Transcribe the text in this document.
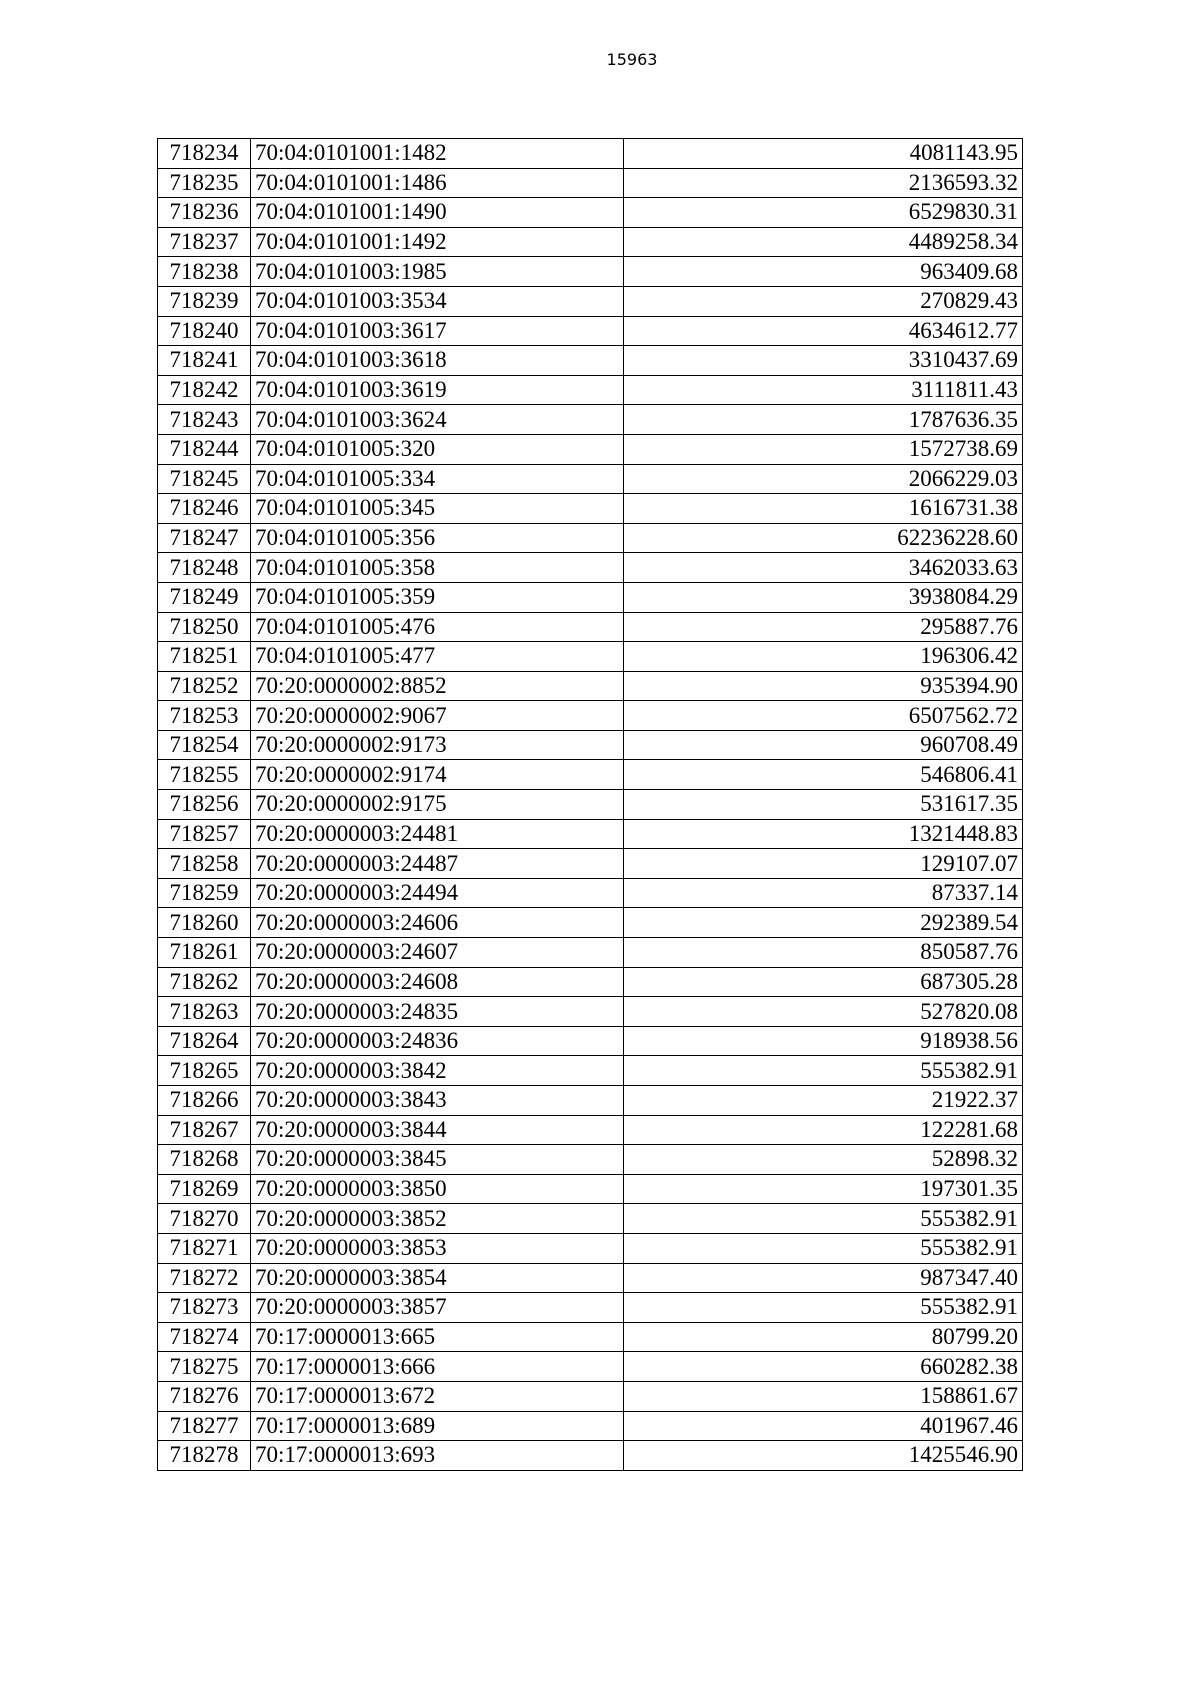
15963
718234	70:04:0101001:1482	4081143.95
718235	70:04:0101001:1486	2136593.32
718236	70:04:0101001:1490	6529830.31
718237	70:04:0101001:1492	4489258.34
718238	70:04:0101003:1985	963409.68
718239	70:04:0101003:3534	270829.43
718240	70:04:0101003:3617	4634612.77
718241	70:04:0101003:3618	3310437.69
718242	70:04:0101003:3619	3111811.43
718243	70:04:0101003:3624	1787636.35
718244	70:04:0101005:320	1572738.69
718245	70:04:0101005:334	2066229.03
718246	70:04:0101005:345	1616731.38
718247	70:04:0101005:356	62236228.60
718248	70:04:0101005:358	3462033.63
718249	70:04:0101005:359	3938084.29
718250	70:04:0101005:476	295887.76
718251	70:04:0101005:477	196306.42
718252	70:20:0000002:8852	935394.90
718253	70:20:0000002:9067	6507562.72
718254	70:20:0000002:9173	960708.49
718255	70:20:0000002:9174	546806.41
718256	70:20:0000002:9175	531617.35
718257	70:20:0000003:24481	1321448.83
718258	70:20:0000003:24487	129107.07
718259	70:20:0000003:24494	87337.14
718260	70:20:0000003:24606	292389.54
718261	70:20:0000003:24607	850587.76
718262	70:20:0000003:24608	687305.28
718263	70:20:0000003:24835	527820.08
718264	70:20:0000003:24836	918938.56
718265	70:20:0000003:3842	555382.91
718266	70:20:0000003:3843	21922.37
718267	70:20:0000003:3844	122281.68
718268	70:20:0000003:3845	52898.32
718269	70:20:0000003:3850	197301.35
718270	70:20:0000003:3852	555382.91
718271	70:20:0000003:3853	555382.91
718272	70:20:0000003:3854	987347.40
718273	70:20:0000003:3857	555382.91
718274	70:17:0000013:665	80799.20
718275	70:17:0000013:666	660282.38
718276	70:17:0000013:672	158861.67
718277	70:17:0000013:689	401967.46
718278	70:17:0000013:693	1425546.90
